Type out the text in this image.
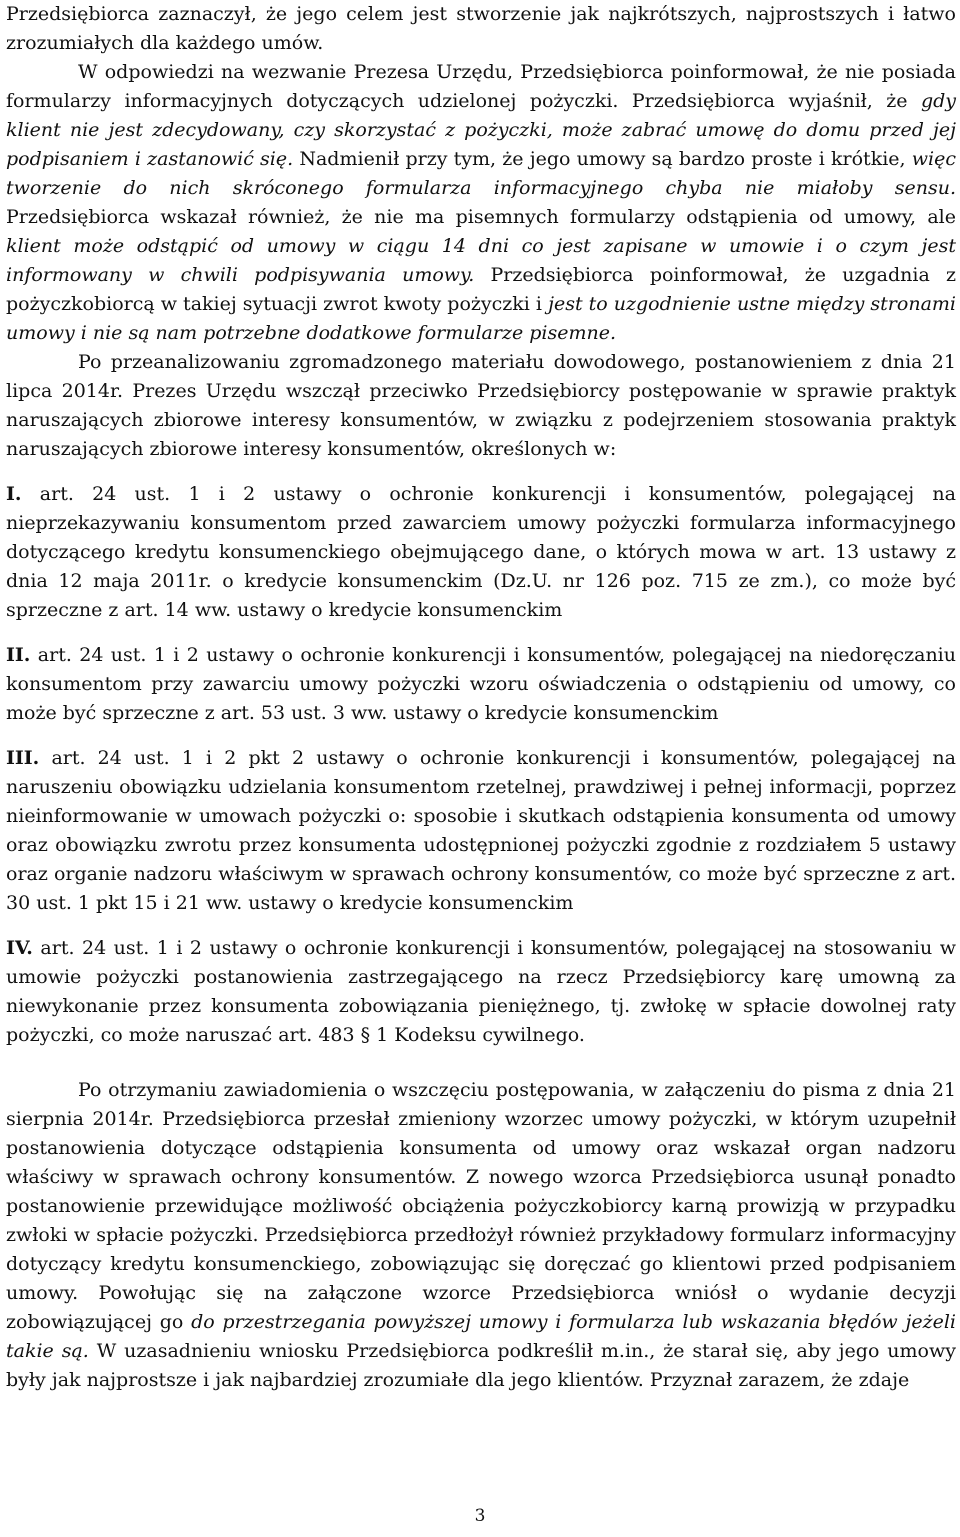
Przedsiębiorca zaznaczył, że jego celem jest stworzenie jak najkrótszych, najprostszych i łatwo zrozumiałych dla każdego umów.

W odpowiedzi na wezwanie Prezesa Urzędu, Przedsiębiorca poinformował, że nie posiada formularzy informacyjnych dotyczących udzielonej pożyczki. Przedsiębiorca wyjaśnił, że gdy klient nie jest zdecydowany, czy skorzystać z pożyczki, może zabrać umowę do domu przed jej podpisaniem i zastanowić się. Nadmienił przy tym, że jego umowy są bardzo proste i krótkie, więc tworzenie do nich skróconego formularza informacyjnego chyba nie miałoby sensu. Przedsiębiorca wskazał również, że nie ma pisemnych formularzy odstąpienia od umowy, ale klient może odstąpić od umowy w ciągu 14 dni co jest zapisane w umowie i o czym jest informowany w chwili podpisywania umowy. Przedsiębiorca poinformował, że uzgadnia z pożyczkobiorcą w takiej sytuacji zwrot kwoty pożyczki i jest to uzgodnienie ustne między stronami umowy i nie są nam potrzebne dodatkowe formularze pisemne.

Po przeanalizowaniu zgromadzonego materiału dowodowego, postanowieniem z dnia 21 lipca 2014r. Prezes Urzędu wszczął przeciwko Przedsiębiorcy postępowanie w sprawie praktyk naruszających zbiorowe interesy konsumentów, w związku z podejrzeniem stosowania praktyk naruszających zbiorowe interesy konsumentów, określonych w:

I. art. 24 ust. 1 i 2 ustawy o ochronie konkurencji i konsumentów, polegającej na nieprzekazywaniu konsumentom przed zawarciem umowy pożyczki formularza informacyjnego dotyczącego kredytu konsumenckiego obejmującego dane, o których mowa w art. 13 ustawy z dnia 12 maja 2011r. o kredycie konsumenckim (Dz.U. nr 126 poz. 715 ze zm.), co może być sprzeczne z art. 14 ww. ustawy o kredycie konsumenckim

II. art. 24 ust. 1 i 2 ustawy o ochronie konkurencji i konsumentów, polegającej na niedoręczaniu konsumentom przy zawarciu umowy pożyczki wzoru oświadczenia o odstąpieniu od umowy, co może być sprzeczne z art. 53 ust. 3 ww. ustawy o kredycie konsumenckim

III. art. 24 ust. 1 i 2 pkt 2 ustawy o ochronie konkurencji i konsumentów, polegającej na naruszeniu obowiązku udzielania konsumentom rzetelnej, prawdziwej i pełnej informacji, poprzez nieinformowanie w umowach pożyczki o: sposobie i skutkach odstąpienia konsumenta od umowy oraz obowiązku zwrotu przez konsumenta udostępnionej pożyczki zgodnie z rozdziałem 5 ustawy oraz organie nadzoru właściwym w sprawach ochrony konsumentów, co może być sprzeczne z art. 30 ust. 1 pkt 15 i 21 ww. ustawy o kredycie konsumenckim

IV. art. 24 ust. 1 i 2 ustawy o ochronie konkurencji i konsumentów, polegającej na stosowaniu w umowie pożyczki postanowienia zastrzegającego na rzecz Przedsiębiorcy karę umowną za niewykonanie przez konsumenta zobowiązania pieniężnego, tj. zwłokę w spłacie dowolnej raty pożyczki, co może naruszać art. 483 § 1 Kodeksu cywilnego.

Po otrzymaniu zawiadomienia o wszczęciu postępowania, w załączeniu do pisma z dnia 21 sierpnia 2014r. Przedsiębiorca przesłał zmieniony wzorzec umowy pożyczki, w którym uzupełnił postanowienia dotyczące odstąpienia konsumenta od umowy oraz wskazał organ nadzoru właściwy w sprawach ochrony konsumentów. Z nowego wzorca Przedsiębiorca usunął ponadto postanowienie przewidujące możliwość obciążenia pożyczkobiorcy karną prowizją w przypadku zwłoki w spłacie pożyczki. Przedsiębiorca przedłożył również przykładowy formularz informacyjny dotyczący kredytu konsumenckiego, zobowiązując się doręczać go klientowi przed podpisaniem umowy. Powołując się na załączone wzorce Przedsiębiorca wniósł o wydanie decyzji zobowiązującej go do przestrzegania powyższej umowy i formularza lub wskazania błędów jeżeli takie są. W uzasadnieniu wniosku Przedsiębiorca podkreślił m.in., że starał się, aby jego umowy były jak najprostsze i jak najbardziej zrozumiałe dla jego klientów. Przyznał zarazem, że zdaje

3
